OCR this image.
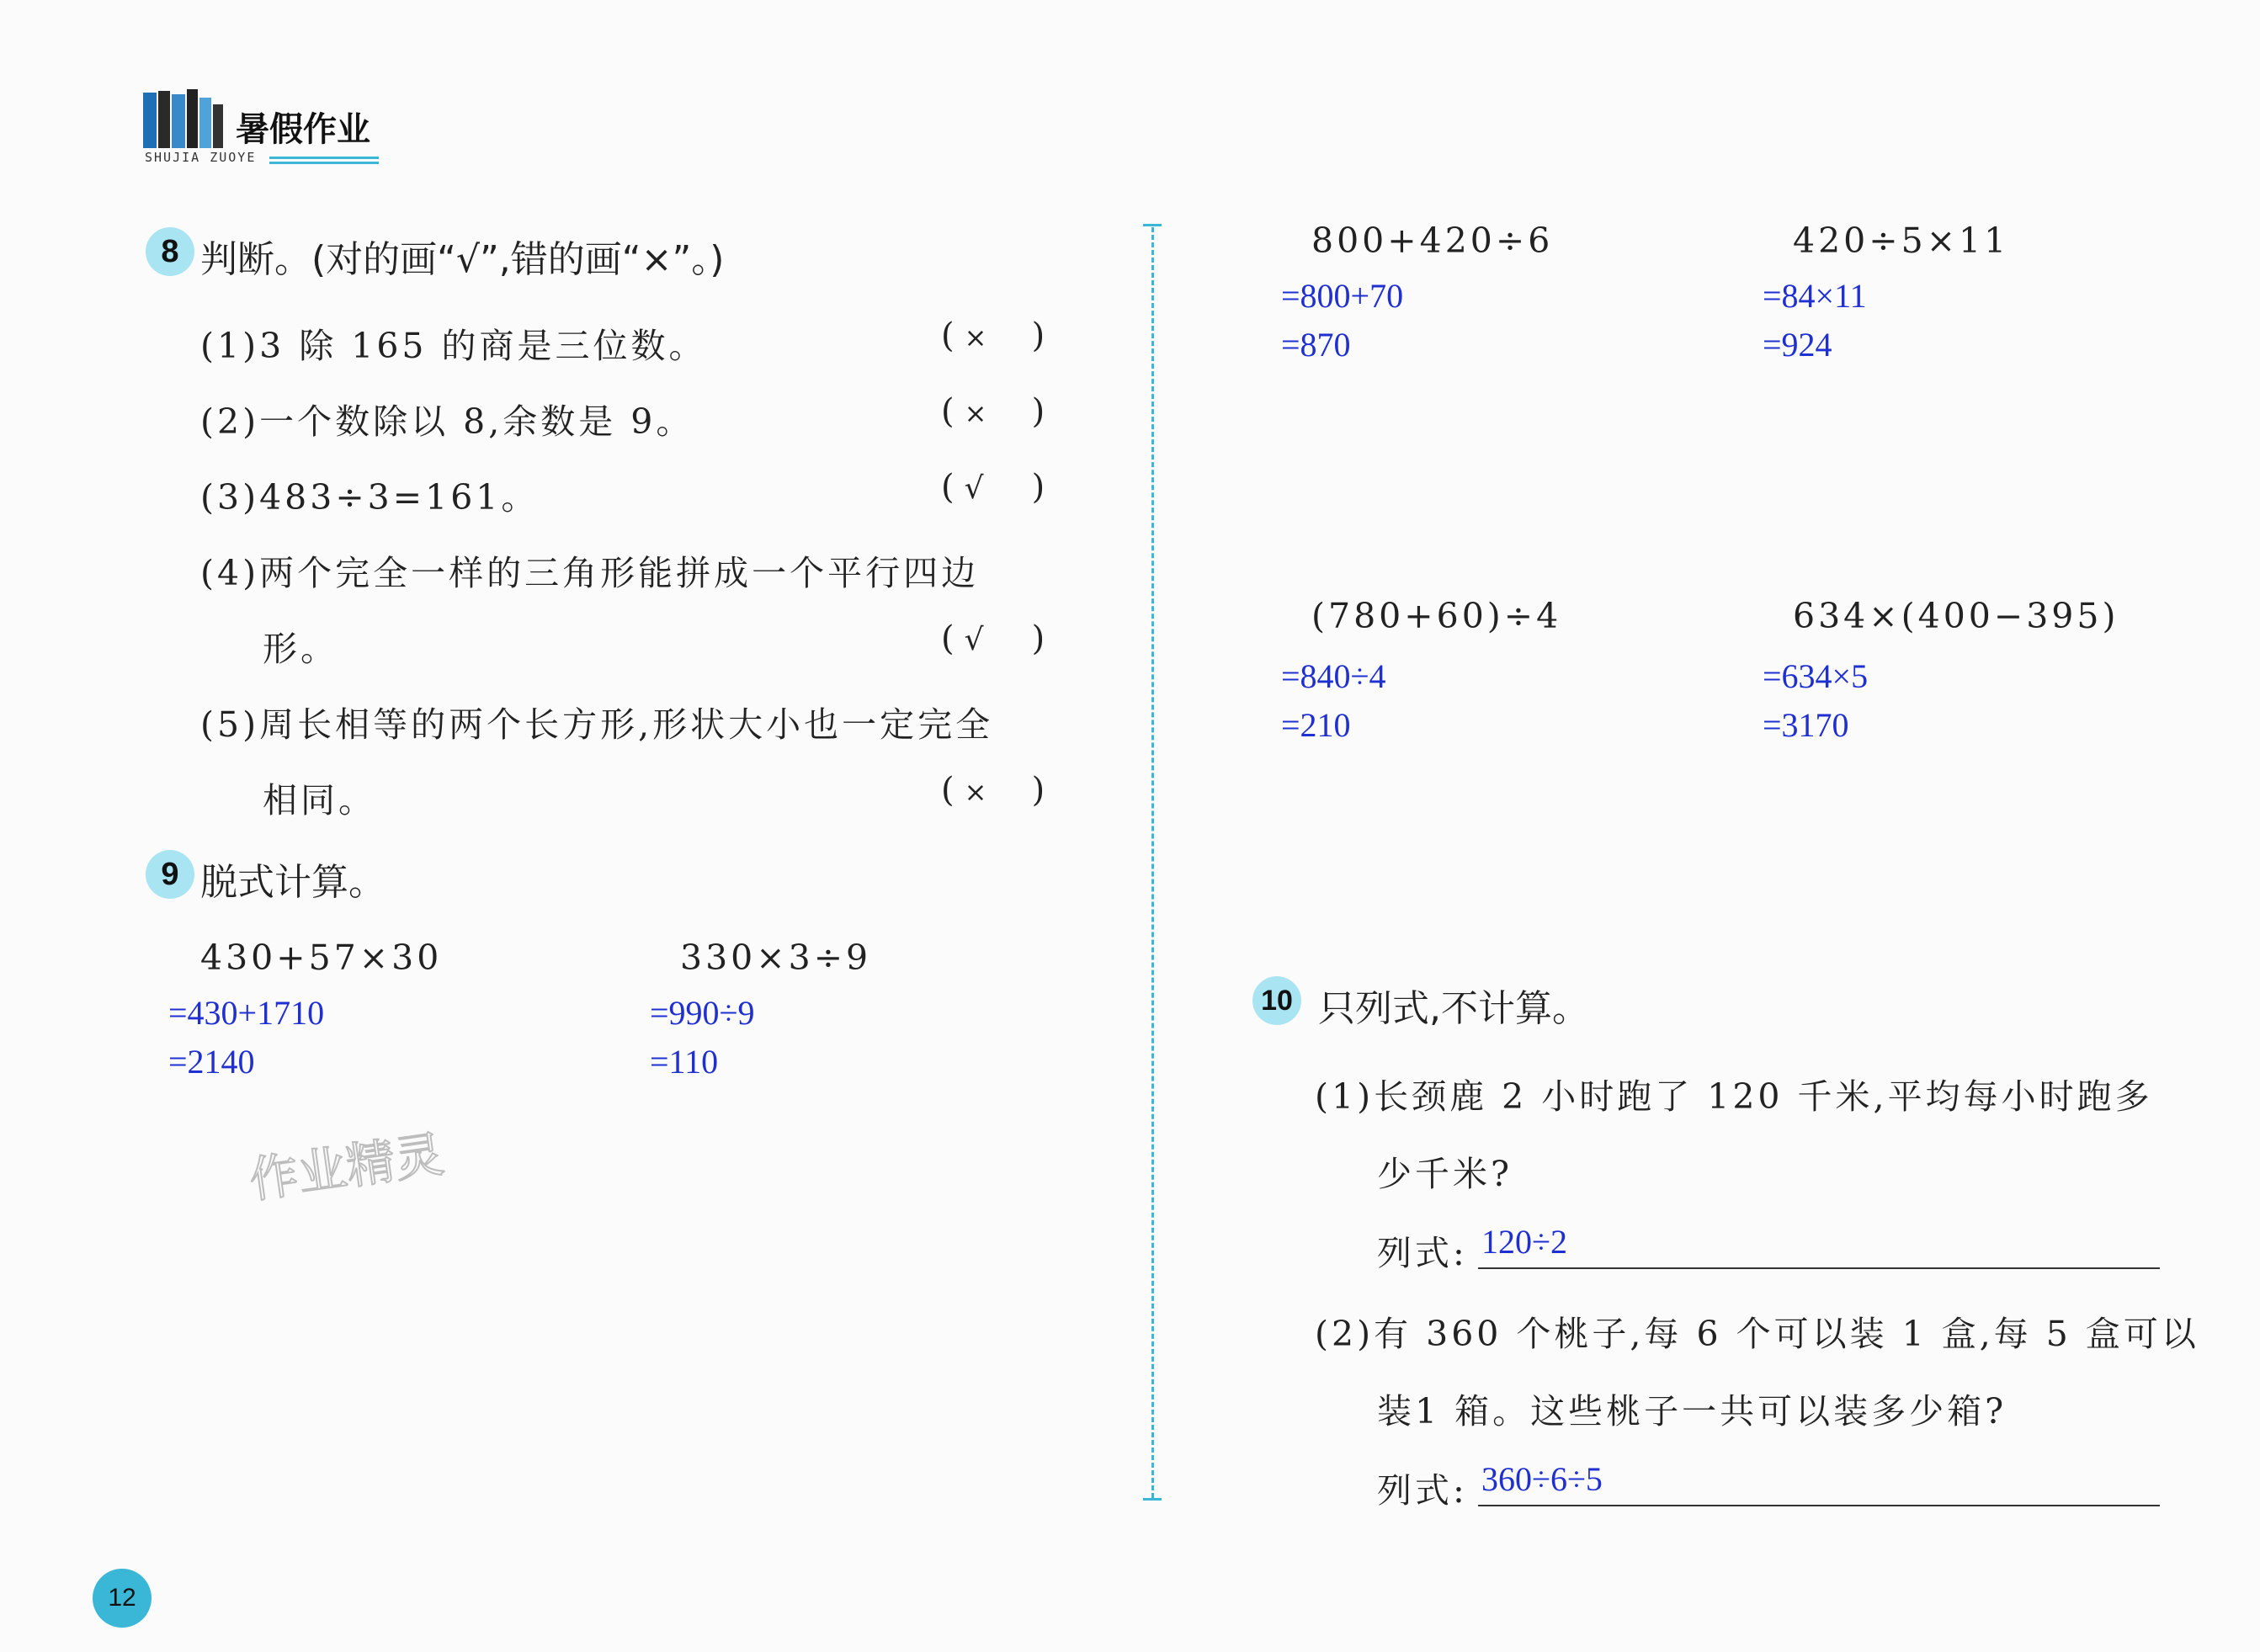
暑假作业
SHUJIA ZUOYE
8 判断。(对的画“√”,错的画“×”。)
(1)3 除 165 的商是三位数。	( × )
(2)一个数除以 8,余数是 9。	( × )
(3)483÷3=161。	( √ )
(4)两个完全一样的三角形能拼成一个平行四边
形。	( √ )
(5)周长相等的两个长方形,形状大小也一定完全
相同。	( × )
9 脱式计算。
430+57×30
=430+1710
=2140
330×3÷9
=990÷9
=110
作业精灵
800+420÷6
=800+70
=870
420÷5×11
=84×11
=924
(780+60)÷4
=840÷4
=210
634×(400−395)
=634×5
=3170
10 只列式,不计算。
(1)长颈鹿 2 小时跑了 120 千米,平均每小时跑多
少千米?
列式: 120÷2
(2)有 360 个桃子,每 6 个可以装 1 盒,每 5 盒可以
装1 箱。这些桃子一共可以装多少箱?
列式: 360÷6÷5
12
